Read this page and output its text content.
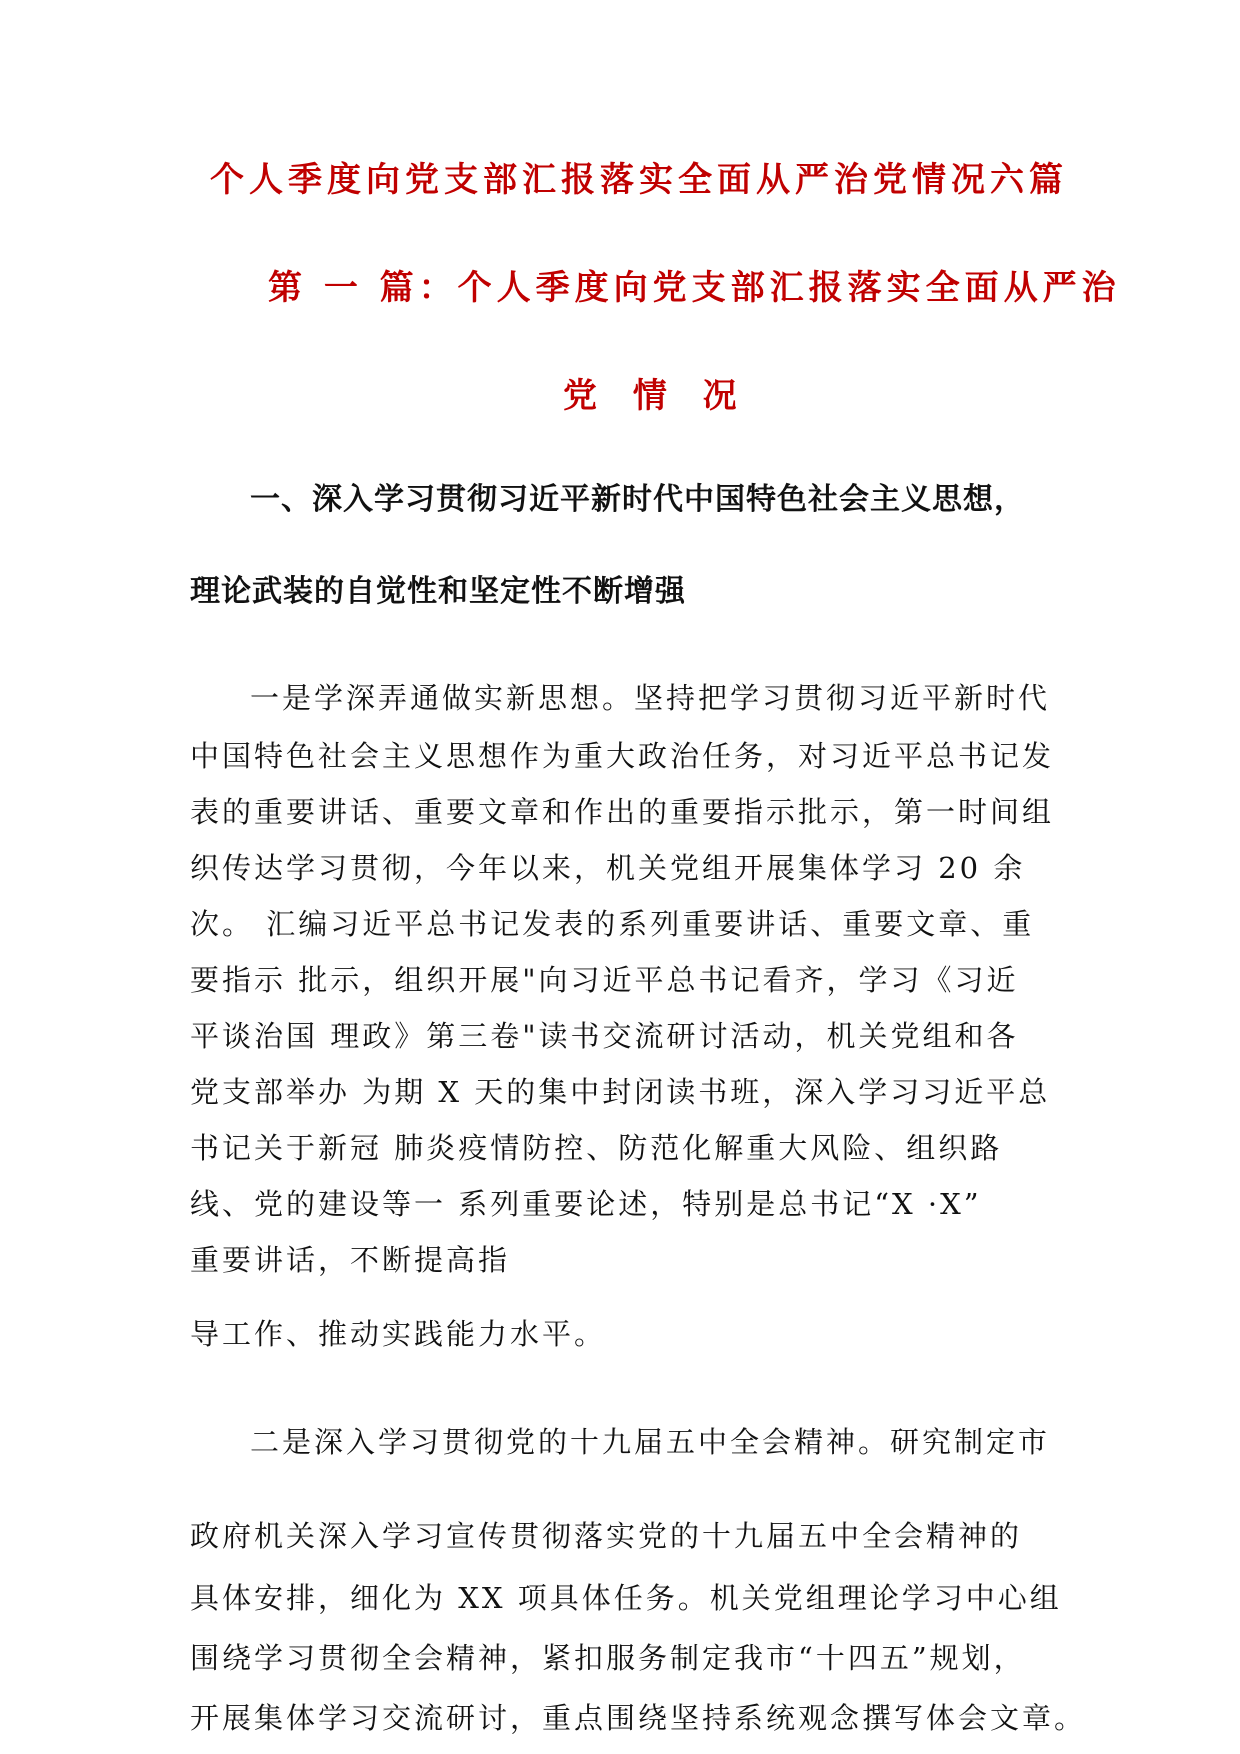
个人季度向党支部汇报落实全面从严治党情况六篇
第 一 篇：个人季度向党支部汇报落实全面从严治
党 情 况
一、深入学习贯彻习近平新时代中国特色社会主义思想，
理论武装的自觉性和坚定性不断增强
一是学深弄通做实新思想。坚持把学习贯彻习近平新时代
中国特色社会主义思想作为重大政治任务，对习近平总书记发
表的重要讲话、重要文章和作出的重要指示批示，第一时间组
织传达学习贯彻，今年以来，机关党组开展集体学习 20 余
次。 汇编习近平总书记发表的系列重要讲话、重要文章、重
要指示 批示，组织开展"向习近平总书记看齐，学习《习近
平谈治国 理政》第三卷"读书交流研讨活动，机关党组和各
党支部举办 为期 X 天的集中封闭读书班，深入学习习近平总
书记关于新冠 肺炎疫情防控、防范化解重大风险、组织路
线、党的建设等一 系列重要论述，特别是总书记“X ·X”
重要讲话，不断提高指
导工作、推动实践能力水平。
二是深入学习贯彻党的十九届五中全会精神。研究制定市
政府机关深入学习宣传贯彻落实党的十九届五中全会精神的
具体安排，细化为 XX 项具体任务。机关党组理论学习中心组
围绕学习贯彻全会精神，紧扣服务制定我市“十四五”规划，
开展集体学习交流研讨，重点围绕坚持系统观念撰写体会文章。
